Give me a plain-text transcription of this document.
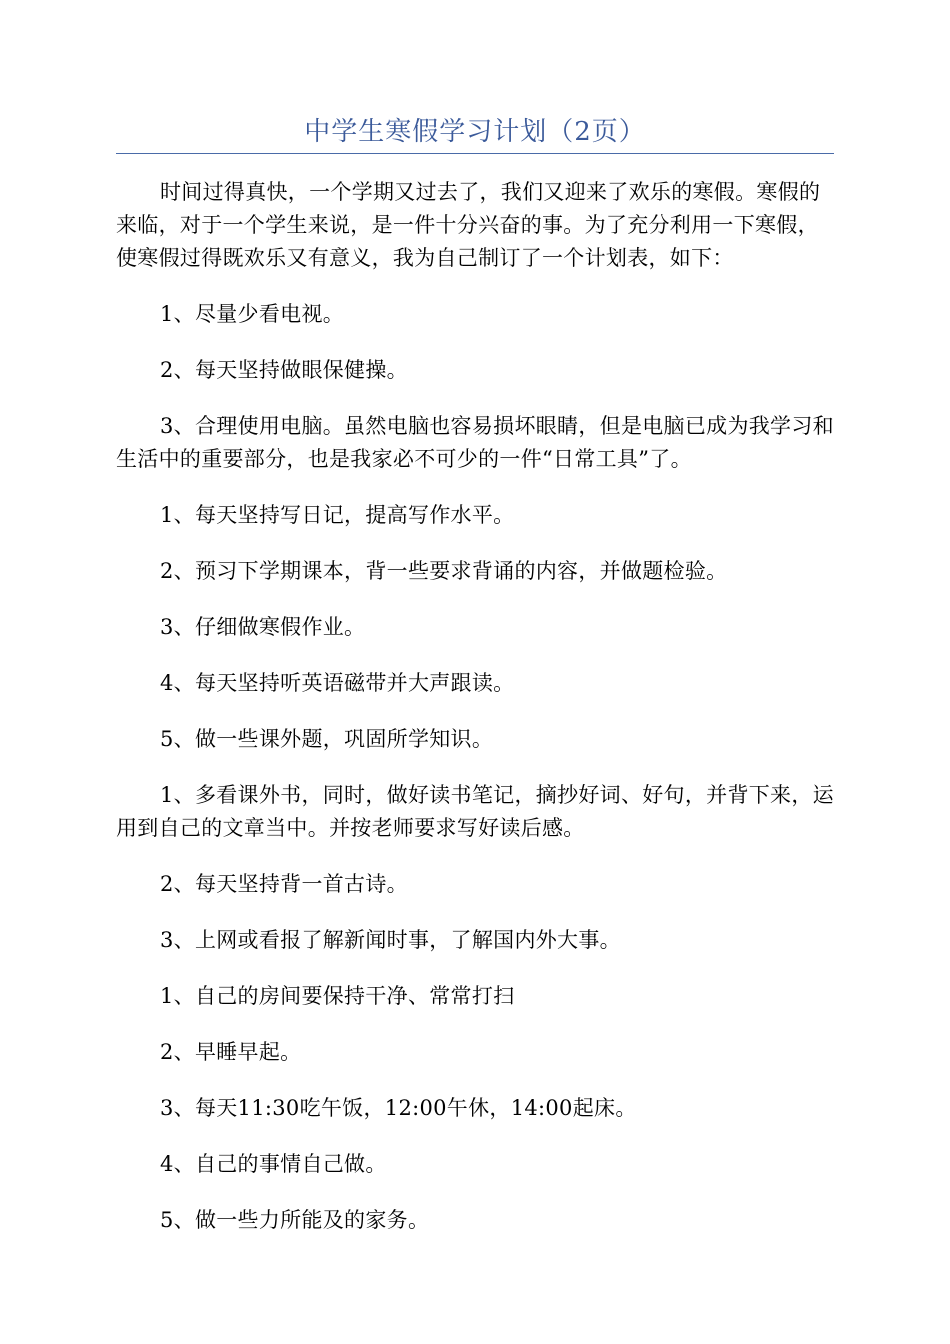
中学生寒假学习计划（2页）

时间过得真快，一个学期又过去了，我们又迎来了欢乐的寒假。寒假的来临，对于一个学生来说，是一件十分兴奋的事。为了充分利用一下寒假，使寒假过得既欢乐又有意义，我为自己制订了一个计划表，如下：

1、尽量少看电视。

2、每天坚持做眼保健操。

3、合理使用电脑。虽然电脑也容易损坏眼睛，但是电脑已成为我学习和生活中的重要部分，也是我家必不可少的一件“日常工具”了。

1、每天坚持写日记，提高写作水平。

2、预习下学期课本，背一些要求背诵的内容，并做题检验。

3、仔细做寒假作业。

4、每天坚持听英语磁带并大声跟读。

5、做一些课外题，巩固所学知识。

1、多看课外书，同时，做好读书笔记，摘抄好词、好句，并背下来，运用到自己的文章当中。并按老师要求写好读后感。

2、每天坚持背一首古诗。

3、上网或看报了解新闻时事，了解国内外大事。

1、自己的房间要保持干净、常常打扫

2、早睡早起。

3、每天11:30吃午饭，12:00午休，14:00起床。

4、自己的事情自己做。

5、做一些力所能及的家务。
